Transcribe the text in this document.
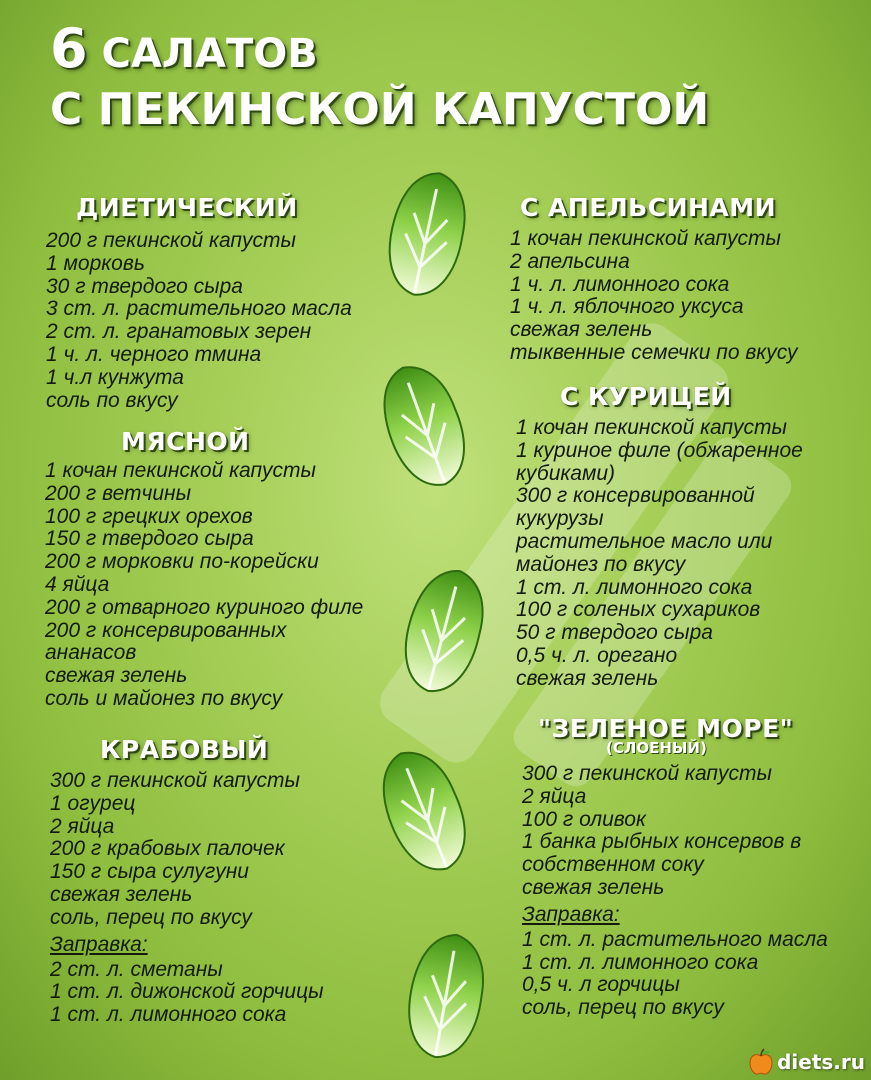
6 САЛАТОВ
С ПЕКИНСКОЙ КАПУСТОЙ
ДИЕТИЧЕСКИЙ
200 г пекинской капусты
1 морковь
30 г твердого сыра
3 ст. л. растительного масла
2 ст. л. гранатовых зерен
1 ч. л. черного тмина
1 ч.л кунжута
соль по вкусу
МЯСНОЙ
1 кочан пекинской капусты
200 г ветчины
100 г грецких орехов
150 г твердого сыра
200 г морковки по-корейски
4 яйца
200 г отварного куриного филе
200 г консервированных
ананасов
свежая зелень
соль и майонез по вкусу
КРАБОВЫЙ
300 г пекинской капусты
1 огурец
2 яйца
200 г крабовых палочек
150 г сыра сулугуни
свежая зелень
соль, перец по вкусу
Заправка:
2 ст. л. сметаны
1 ст. л. дижонской горчицы
1 ст. л. лимонного сока
С АПЕЛЬСИНАМИ
1 кочан пекинской капусты
2 апельсина
1 ч. л. лимонного сока
1 ч. л. яблочного уксуса
свежая зелень
тыквенные семечки по вкусу
С КУРИЦЕЙ
1 кочан пекинской капусты
1 куриное филе (обжаренное
кубиками)
300 г консервированной
кукурузы
растительное масло или
майонез по вкусу
1 ст. л. лимонного сока
100 г соленых сухариков
50 г твердого сыра
0,5 ч. л. орегано
свежая зелень
"ЗЕЛЕНОЕ МОРЕ"
(СЛОЕНЫЙ)
300 г пекинской капусты
2 яйца
100 г оливок
1 банка рыбных консервов в
собственном соку
свежая зелень
Заправка:
1 ст. л. растительного масла
1 ст. л. лимонного сока
0,5 ч. л горчицы
соль, перец по вкусу
diets.ru
